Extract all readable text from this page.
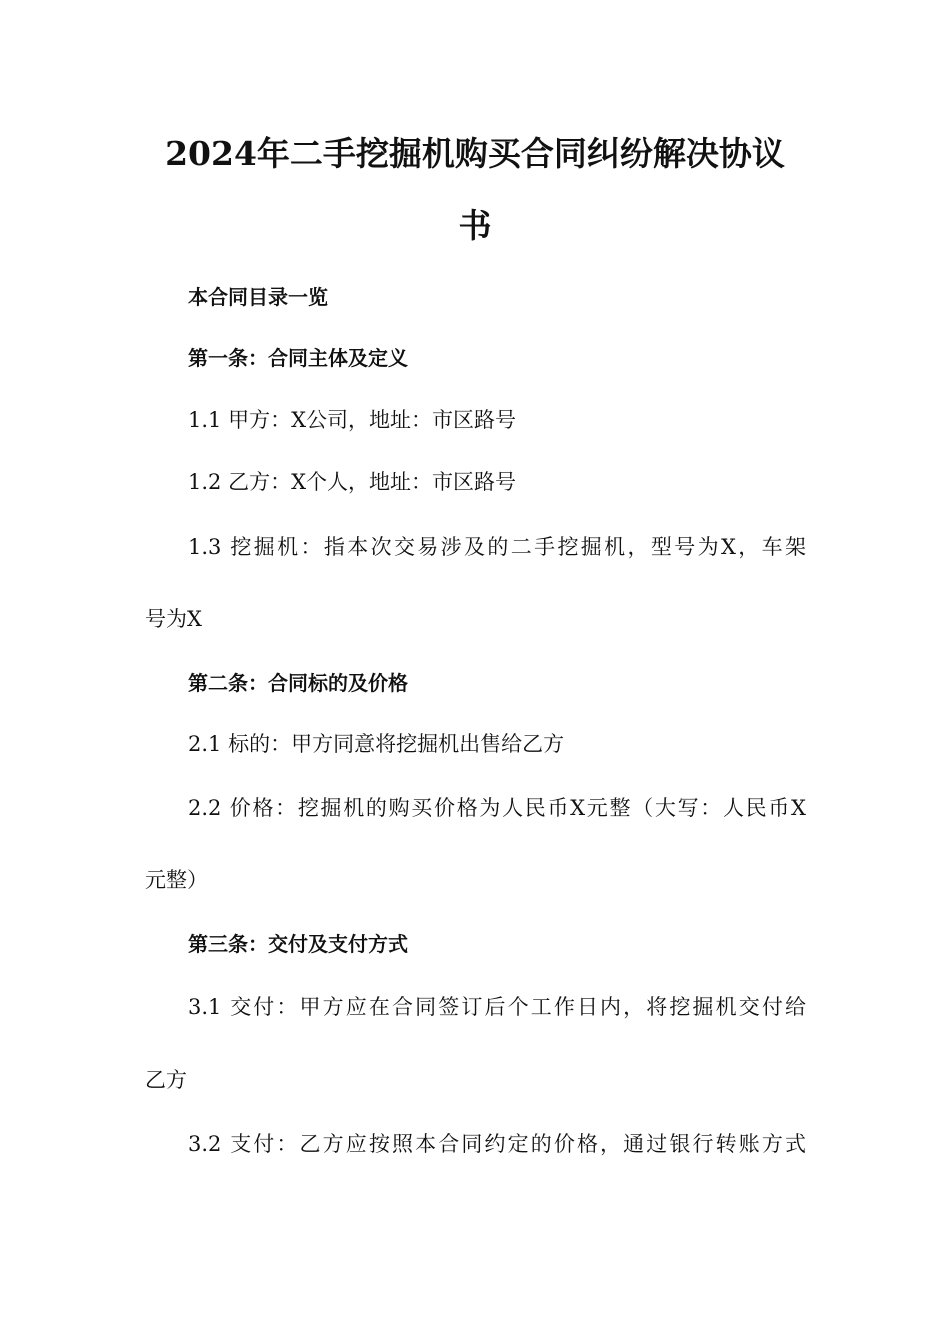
2024年二手挖掘机购买合同纠纷解决协议
书
本合同目录一览
第一条：合同主体及定义
1.1 甲方：X公司，地址：市区路号
1.2 乙方：X个人，地址：市区路号
1.3 挖掘机：指本次交易涉及的二手挖掘机，型号为X，车架
号为X
第二条：合同标的及价格
2.1 标的：甲方同意将挖掘机出售给乙方
2.2 价格：挖掘机的购买价格为人民币X元整（大写：人民币X
元整）
第三条：交付及支付方式
3.1 交付：甲方应在合同签订后个工作日内，将挖掘机交付给
乙方
3.2 支付：乙方应按照本合同约定的价格，通过银行转账方式
